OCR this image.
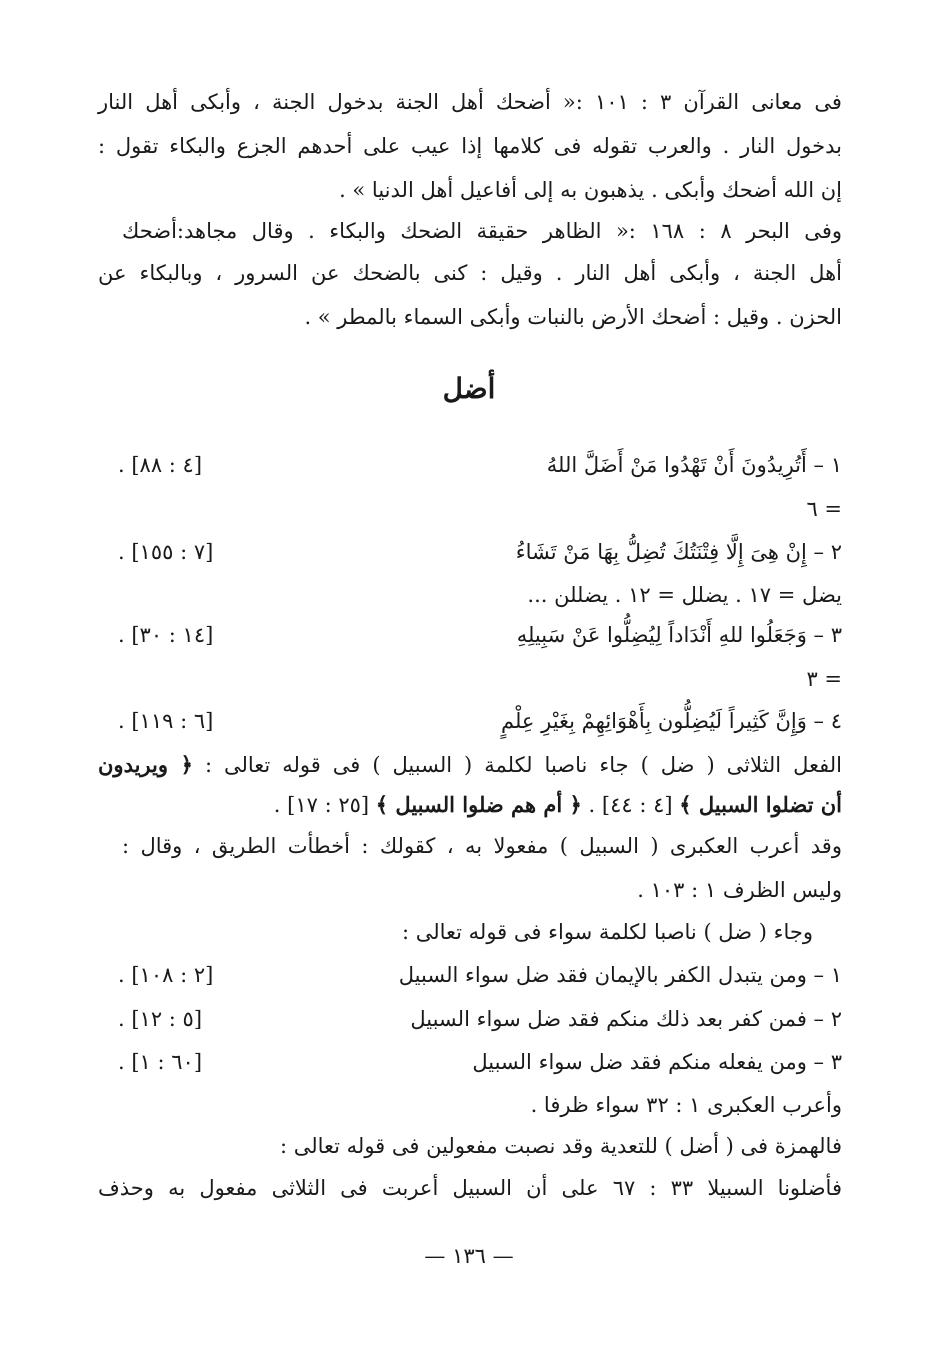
فى معانى القرآن ٣ : ١٠١ :« أضحك أهل الجنة بدخول الجنة ، وأبكى أهل النار
بدخول النار . والعرب تقوله فى كلامها إذا عيب على أحدهم الجزع والبكاء تقول :
إن الله أضحك وأبكى . يذهبون به إلى أفاعيل أهل الدنيا » .
وفى البحر ٨ : ١٦٨ :« الظاهر حقيقة الضحك والبكاء . وقال مجاهد:أضحك
أهل الجنة ، وأبكى أهل النار . وقيل : كنى بالضحك عن السرور ، وبالبكاء عن
الحزن . وقيل : أضحك الأرض بالنبات وأبكى السماء بالمطر » .
أضل
١ – أَتُرِيدُونَ أَنْ تَهْدُوا مَنْ أَضَلَّ اللهُ
. [٤ : ٨٨]
= ٦
٢ – إِنْ هِىَ إِلَّا فِتْنَتُكَ تُضِلُّ بِهَا مَنْ تَشَاءُ
. [٧ : ١٥٥]
يضل = ١٧ . يضلل = ١٢ . يضللن ...
٣ – وَجَعَلُوا للهِ أَنْدَاداً لِيُضِلُّوا عَنْ سَبِيلِهِ
. [١٤ : ٣٠]
= ٣
٤ – وَإِنَّ كَثِيراً لَيُضِلُّون بِأَهْوَائِهِمْ بِغَيْرِ عِلْمٍ
. [٦ : ١١٩]
الفعل الثلاثى ( ضل ) جاء ناصبا لكلمة ( السبيل ) فى قوله تعالى : ﴿ ويريدون
أن تضلوا السبيل ﴾ [٤ : ٤٤] . ﴿ أم هم ضلوا السبيل ﴾ [٢٥ : ١٧] .
وقد أعرب العكبرى ( السبيل ) مفعولا به ، كقولك : أخطأت الطريق ، وقال :
وليس الظرف ١ : ١٠٣ .
وجاء ( ضل ) ناصبا لكلمة سواء فى قوله تعالى :
١ – ومن يتبدل الكفر بالإيمان فقد ضل سواء السبيل
. [٢ : ١٠٨]
٢ – فمن كفر بعد ذلك منكم فقد ضل سواء السبيل
. [٥ : ١٢]
٣ – ومن يفعله منكم فقد ضل سواء السبيل
. [٦٠ : ١]
وأعرب العكبرى ١ : ٣٢ سواء ظرفا .
فالهمزة فى ( أضل ) للتعدية وقد نصبت مفعولين فى قوله تعالى :
فأضلونا السبيلا ٣٣ : ٦٧ على أن السبيل أعربت فى الثلاثى مفعول به وحذف
— ١٣٦ —
